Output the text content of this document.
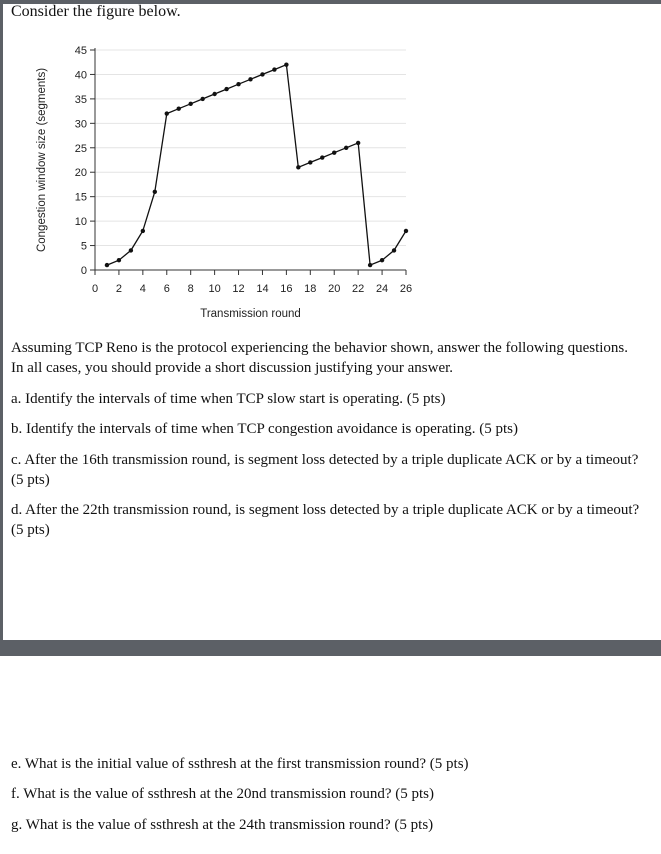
Consider the figure below.
0
5
10
15
20
25
30
35
40
45
0 2 4 6 8 10 12 14 16 18 20 22 24 26
Transmission round
Congestion window size (segments)
Assuming TCP Reno is the protocol experiencing the behavior shown, answer the following questions. In all cases, you should provide a short discussion justifying your answer.
a. Identify the intervals of time when TCP slow start is operating. (5 pts)
b. Identify the intervals of time when TCP congestion avoidance is operating. (5 pts)
c. After the 16th transmission round, is segment loss detected by a triple duplicate ACK or by a timeout? (5 pts)
d. After the 22th transmission round, is segment loss detected by a triple duplicate ACK or by a timeout? (5 pts)
e. What is the initial value of ssthresh at the first transmission round? (5 pts)
f. What is the value of ssthresh at the 20nd transmission round? (5 pts)
g. What is the value of ssthresh at the 24th transmission round? (5 pts)
